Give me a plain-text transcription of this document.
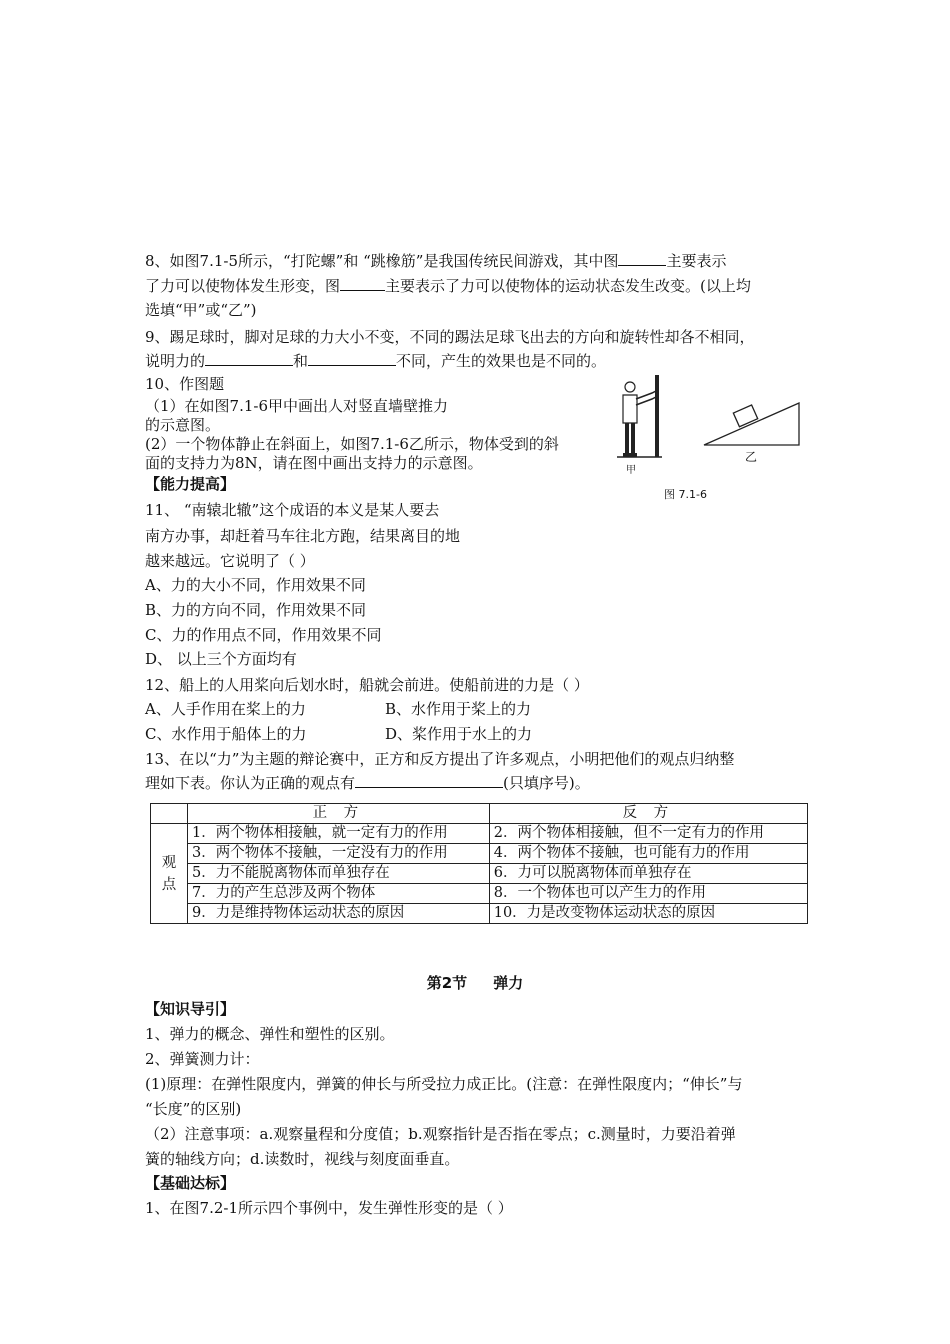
8、如图7.1-5所示，“打陀螺”和 “跳橡筋”是我国传统民间游戏，其中图	主要表示
了力可以使物体发生形变，图	主要表示了力可以使物体的运动状态发生改变。(以上均
选填“甲”或“乙”)
9、踢足球时，脚对足球的力大小不变，不同的踢法足球飞出去的方向和旋转性却各不相同，
说明力的	和	不同，产生的效果也是不同的。
10、作图题
（1）在如图7.1-6甲中画出人对竖直墙壁推力
的示意图。
(2）一个物体静止在斜面上，如图7.1-6乙所示，物体受到的斜
面的支持力为8N，请在图中画出支持力的示意图。	甲
乙
图 7.1-6
【能力提高】
11、 “南辕北辙”这个成语的本义是某人要去
南方办事，却赶着马车往北方跑，结果离目的地
越来越远。它说明了（ ）
A、力的大小不同，作用效果不同
B、力的方向不同，作用效果不同
C、力的作用点不同，作用效果不同
D、 以上三个方面均有
12、船上的人用桨向后划水时，船就会前进。使船前进的力是（ ）
A、人手作用在桨上的力	B、水作用于桨上的力
C、水作用于船体上的力	D、桨作用于水上的力
13、在以“力”为主题的辩论赛中，正方和反方提出了许多观点，小明把他们的观点归纳整
理如下表。你认为正确的观点有	(只填序号)。
	正 方	反 方
观
点	1．两个物体相接触，就一定有力的作用	2．两个物体相接触，但不一定有力的作用
	3．两个物体不接触，一定没有力的作用	4．两个物体不接触，也可能有力的作用
	5．力不能脱离物体而单独存在	6．力可以脱离物体而单独存在
	7．力的产生总涉及两个物体	8．一个物体也可以产生力的作用
	9．力是维持物体运动状态的原因	10．力是改变物体运动状态的原因
第2节     弹力
【知识导引】
1、弹力的概念、弹性和塑性的区别。
2、弹簧测力计：
(1)原理：在弹性限度内，弹簧的伸长与所受拉力成正比。(注意：在弹性限度内；“伸长”与
“长度”的区别)
（2）注意事项：a.观察量程和分度值；b.观察指针是否指在零点；c.测量时，力要沿着弹
簧的轴线方向；d.读数时，视线与刻度面垂直。
【基础达标】
1、在图7.2-1所示四个事例中，发生弹性形变的是（ ）
